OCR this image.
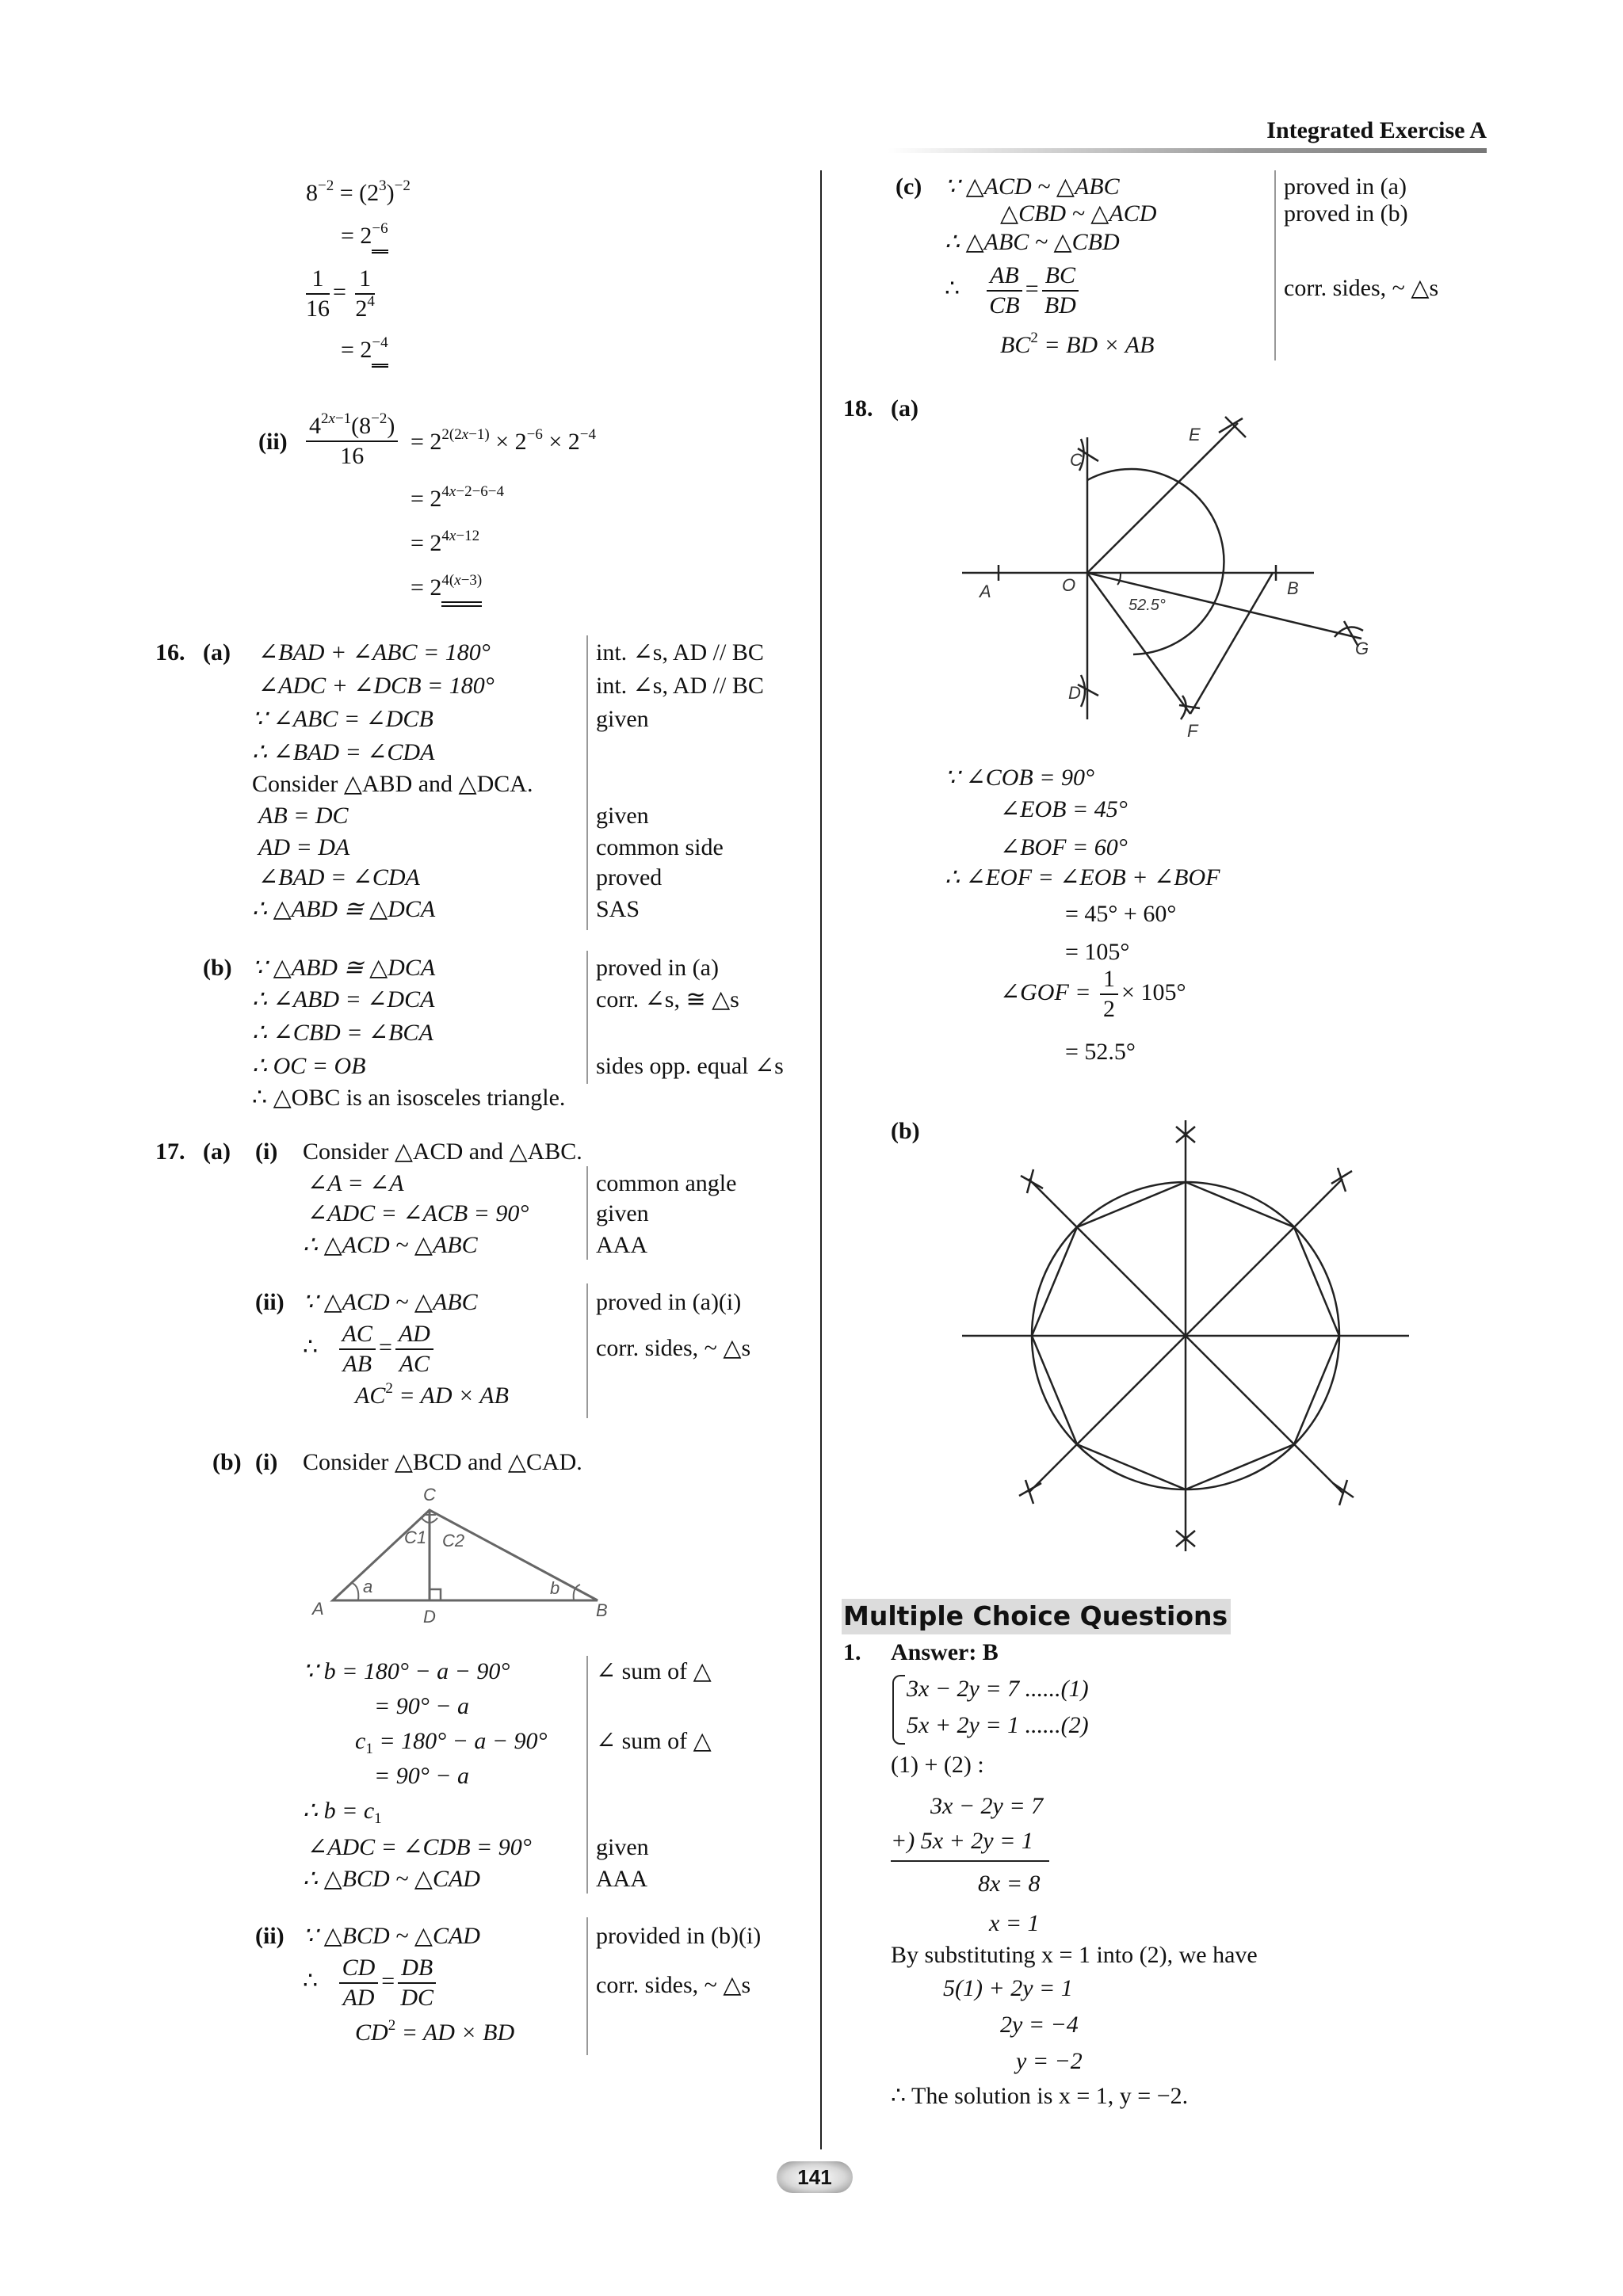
Integrated Exercise A
$8^{-2} = (2^3)^{-2}$
= $2^{-6}$
$\frac{1}{16} = \frac{1}{2^4}$
= $2^{-4}$
$(ii) \frac{4^{2x-1}(8^{-2})}{16} = 2^{2(2x-1)} \times 2^{-6} \times 2^{-4}$
= $2^{4x-2-6-4}$
= $2^{4x-12}$
= $2^{4(x-3)}$
16. (a) ∠BAD + ∠ABC = 180°
∠ADC + ∠DCB = 180°
∵ ∠ABC = ∠DCB
∴ ∠BAD = ∠CDA
Consider △ABD and △DCA.
AB = DC
AD = DA
∠BAD = ∠CDA
∴ △ABD ≅ △DCA
int. ∠s, AD // BC
int. ∠s, AD // BC
given
given
common side
proved
SAS
(b) ∵ △ABD ≅ △DCA
∴ ∠ABD = ∠DCA
∴ ∠CBD = ∠BCA
∴ OC = OB
∴ △OBC is an isosceles triangle.
proved in (a)
corr. ∠s, ≅ △s
sides opp. equal ∠s
17. (a) (i) Consider △ACD and △ABC.
∠A = ∠A
∠ADC = ∠ACB = 90°
∴ △ACD ~ △ABC
common angle
given
AAA
(ii) ∵ △ACD ~ △ABC
∴ $\frac{AC}{AB} = \frac{AD}{AC}$
$AC^2$ = AD × AB
proved in (a)(i)
corr. sides, ~ △s
(b) (i) Consider △BCD and △CAD.
C
C1 C2
A
a
D
b
B
∵ b = 180° − a − 90°
= 90° − a
$c_1 = 180^\circ - a - 90^\circ$
= 90° − a
∴ $b = c_1$
∠ADC = ∠CDB = 90°
∴ △BCD ~ △CAD
∠ sum of △
∠ sum of △
given
AAA
(ii) ∵ △BCD ~ △CAD
∴ $\frac{CD}{AD} = \frac{DB}{DC}$
$CD^2$ = AD × BD
provided in (b)(i)
corr. sides, ~ △s
(c) ∵ △ACD ~ △ABC
△CBD ~ △ACD
∴ △ABC ~ △CBD
∴ $\frac{AB}{CB} = \frac{BC}{BD}$
$BC^2$ = BD × AB
proved in (a)
proved in (b)
corr. sides, ~ △s
18. (a)
C
E
A	O
52.5°
B
G
D
F
∵ ∠COB = 90°
∠EOB = 45°
∠BOF = 60°
∴ ∠EOF = ∠EOB + ∠BOF
= 45° + 60°
= 105°
∠GOF = $\frac{1}{2} \times 105^\circ$
= 52.5°
(b)
Multiple Choice Questions
1. Answer: B
3x − 2y = 7 ......(1)
5x + 2y = 1 ......(2)
(1) + (2) :
3x − 2y = 7
+) 5x + 2y = 1
8x = 8
x = 1
By substituting x = 1 into (2), we have
5(1) + 2y = 1
2y = −4
y = −2
∴ The solution is x = 1, y = −2.
141
